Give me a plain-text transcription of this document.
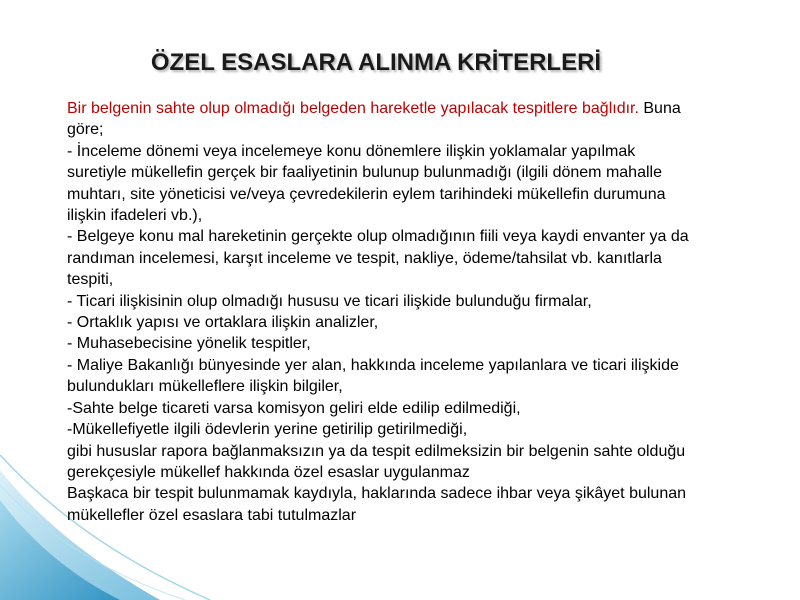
ÖZEL ESASLARA ALINMA KRİTERLERİ
Bir belgenin sahte olup olmadığı belgeden hareketle yapılacak tespitlere bağlıdır. Buna
göre;
- İnceleme dönemi veya incelemeye konu dönemlere ilişkin yoklamalar yapılmak
suretiyle mükellefin gerçek bir faaliyetinin bulunup bulunmadığı (ilgili dönem mahalle
muhtarı, site yöneticisi ve/veya çevredekilerin eylem tarihindeki mükellefin durumuna
ilişkin ifadeleri vb.),
- Belgeye konu mal hareketinin gerçekte olup olmadığının fiili veya kaydi envanter ya da
randıman incelemesi, karşıt inceleme ve tespit, nakliye, ödeme/tahsilat vb. kanıtlarla
tespiti,
- Ticari ilişkisinin olup olmadığı hususu ve ticari ilişkide bulunduğu firmalar,
- Ortaklık yapısı ve ortaklara ilişkin analizler,
- Muhasebecisine yönelik tespitler,
- Maliye Bakanlığı bünyesinde yer alan, hakkında inceleme yapılanlara ve ticari ilişkide
bulundukları mükelleflere ilişkin bilgiler,
-Sahte belge ticareti varsa komisyon geliri elde edilip edilmediği,
-Mükellefiyetle ilgili ödevlerin yerine getirilip getirilmediği,
gibi hususlar rapora bağlanmaksızın ya da tespit edilmeksizin bir belgenin sahte olduğu
gerekçesiyle mükellef hakkında özel esaslar uygulanmaz
Başkaca bir tespit bulunmamak kaydıyla, haklarında sadece ihbar veya şikâyet bulunan
mükellefler özel esaslara tabi tutulmazlar
